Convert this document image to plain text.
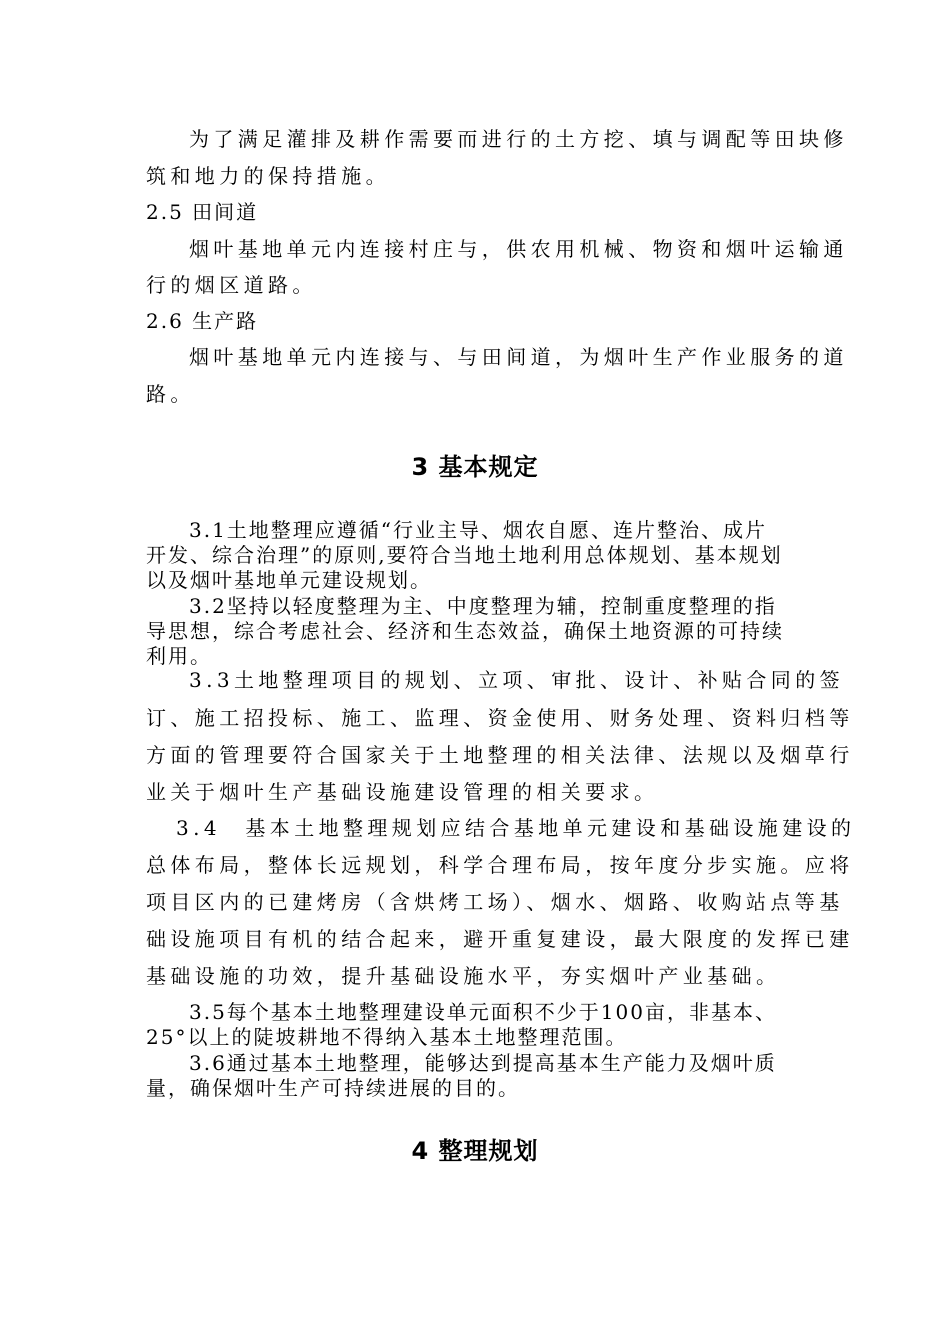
为了满足灌排及耕作需要而进行的土方挖、填与调配等田块修
筑和地力的保持措施。
2.5 田间道
烟叶基地单元内连接村庄与，供农用机械、物资和烟叶运输通
行的烟区道路。
2.6 生产路
烟叶基地单元内连接与、与田间道，为烟叶生产作业服务的道
路。
3 基本规定
3.1土地整理应遵循“行业主导、烟农自愿、连片整治、成片
开发、综合治理”的原则,要符合当地土地利用总体规划、基本规划
以及烟叶基地单元建设规划。
3.2坚持以轻度整理为主、中度整理为辅，控制重度整理的指
导思想，综合考虑社会、经济和生态效益，确保土地资源的可持续
利用。
3.3土地整理项目的规划、立项、审批、设计、补贴合同的签
订、施工招投标、施工、监理、资金使用、财务处理、资料归档等
方面的管理要符合国家关于土地整理的相关法律、法规以及烟草行
业关于烟叶生产基础设施建设管理的相关要求。
3.4　基本土地整理规划应结合基地单元建设和基础设施建设的
总体布局，整体长远规划，科学合理布局，按年度分步实施。应将
项目区内的已建烤房（含烘烤工场）、烟水、烟路、收购站点等基
础设施项目有机的结合起来，避开重复建设，最大限度的发挥已建
基础设施的功效，提升基础设施水平，夯实烟叶产业基础。
3.5每个基本土地整理建设单元面积不少于100亩，非基本、
25°以上的陡坡耕地不得纳入基本土地整理范围。
3.6通过基本土地整理，能够达到提高基本生产能力及烟叶质
量，确保烟叶生产可持续进展的目的。
4 整理规划
